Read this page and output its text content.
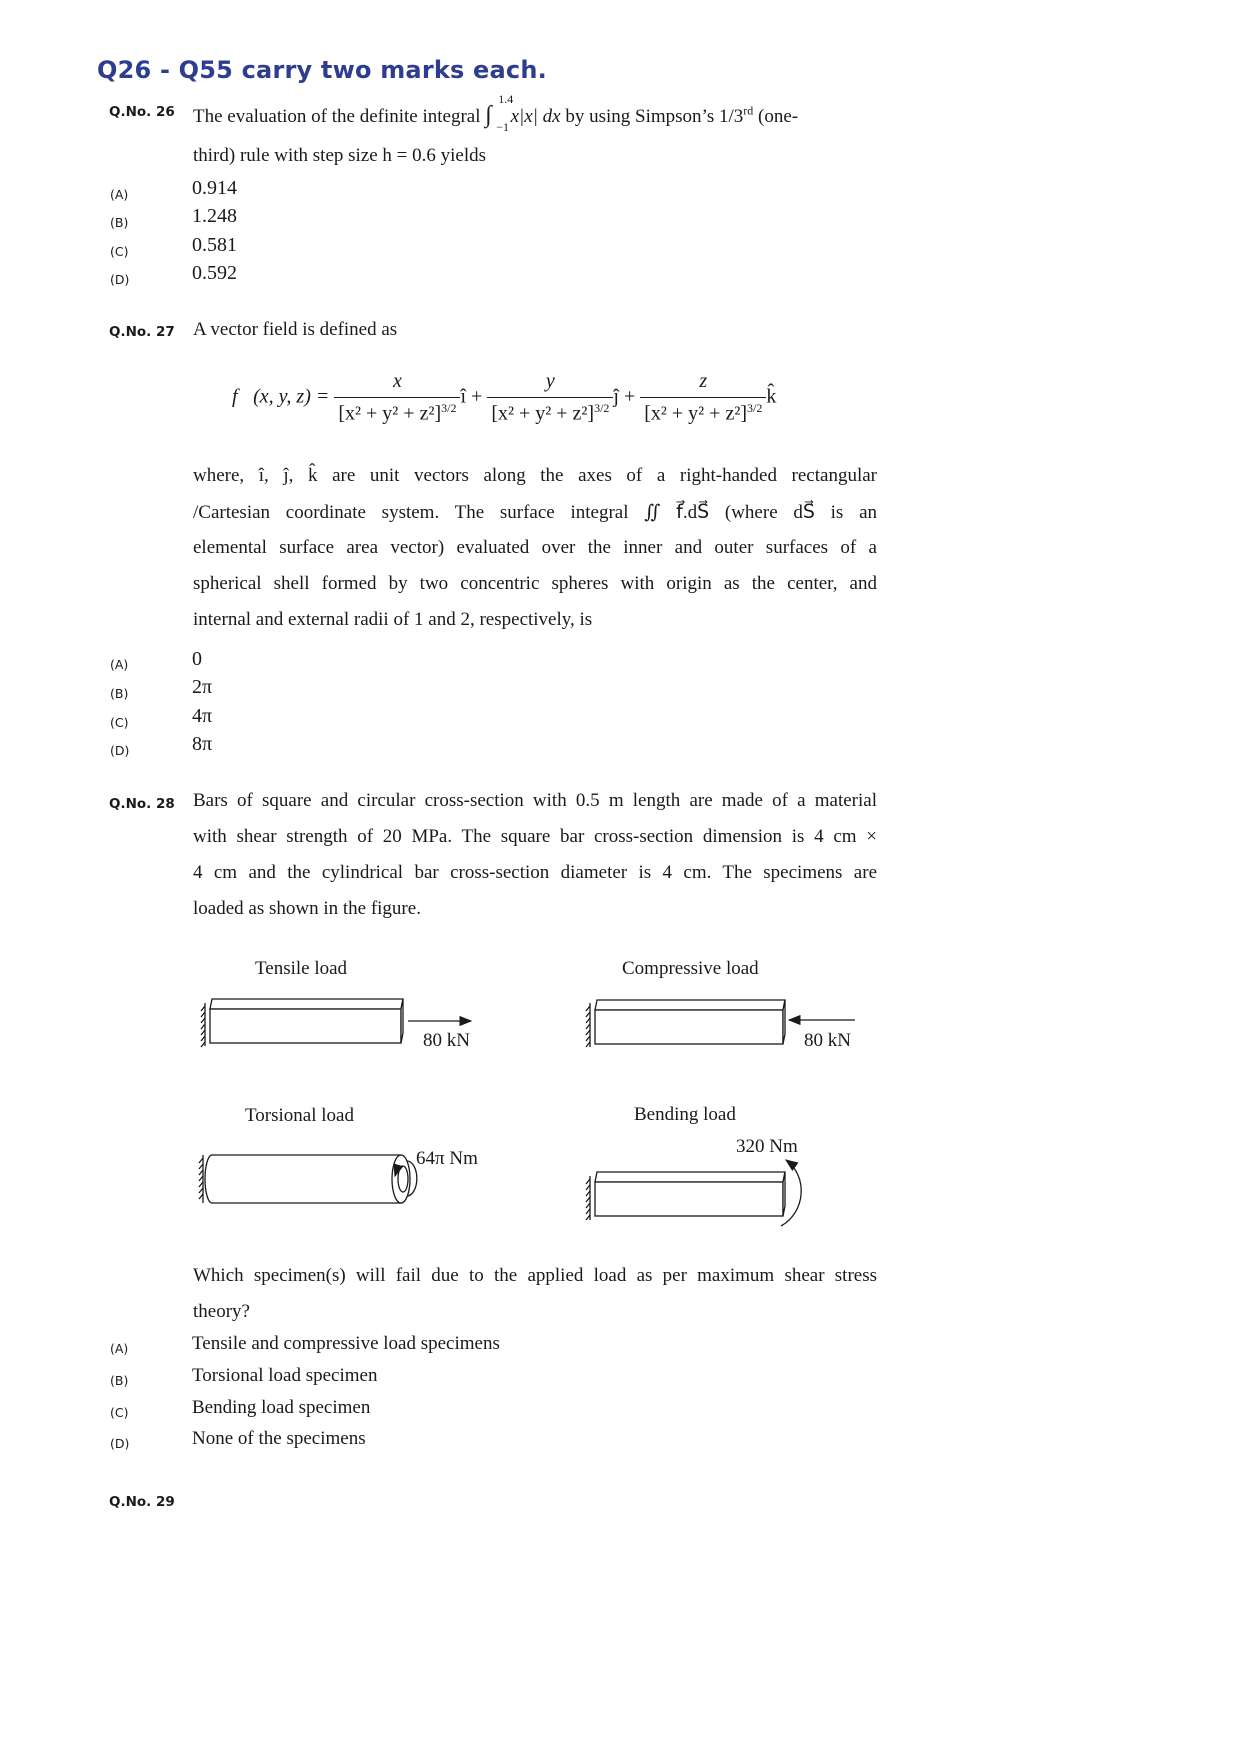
Q26 - Q55 carry two marks each.
Q.No. 26 The evaluation of the definite integral ∫
1.4
−1
x|x| dx by using Simpson’s 1/3rd (one-
third) rule with step size h = 0.6 yields
(A)	0.914
(B)	1.248
(C)	0.581
(D)	0.592
Q.No. 27 A vector field is defined as
f⃗(x, y, $z) = \frac{x}{[x^2 + y^2 + z^2]^{3/2}}$ î + $\frac{y}{[x^2 + y^2 + z^2]^{3/2}}$ ĵ + $\frac{z}{[x^2 + y^2 + z^2]^{3/2}}$ k̂
where, î, ĵ, k̂ are unit vectors along the axes of a right-handed rectangular
/Cartesian coordinate system. The surface integral ∬ f⃗.dS⃗ (where dS⃗ is an
elemental surface area vector) evaluated over the inner and outer surfaces of a
spherical shell formed by two concentric spheres with origin as the center, and
internal and external radii of 1 and 2, respectively, is
(A)	0
(B)	2π
(C)	4π
(D)	8π
Q.No. 28 Bars of square and circular cross-section with 0.5 m length are made of a material
with shear strength of 20 MPa. The square bar cross-section dimension is 4 cm ×
4 cm and the cylindrical bar cross-section diameter is 4 cm. The specimens are
loaded as shown in the figure.
Tensile load	Compressive load
80 kN	80 kN
Torsional load	Bending load
64π Nm
320 Nm
Which specimen(s) will fail due to the applied load as per maximum shear stress
theory?
(A)	Tensile and compressive load specimens
(B)	Torsional load specimen
(C)	Bending load specimen
(D)	None of the specimens
Q.No. 29
